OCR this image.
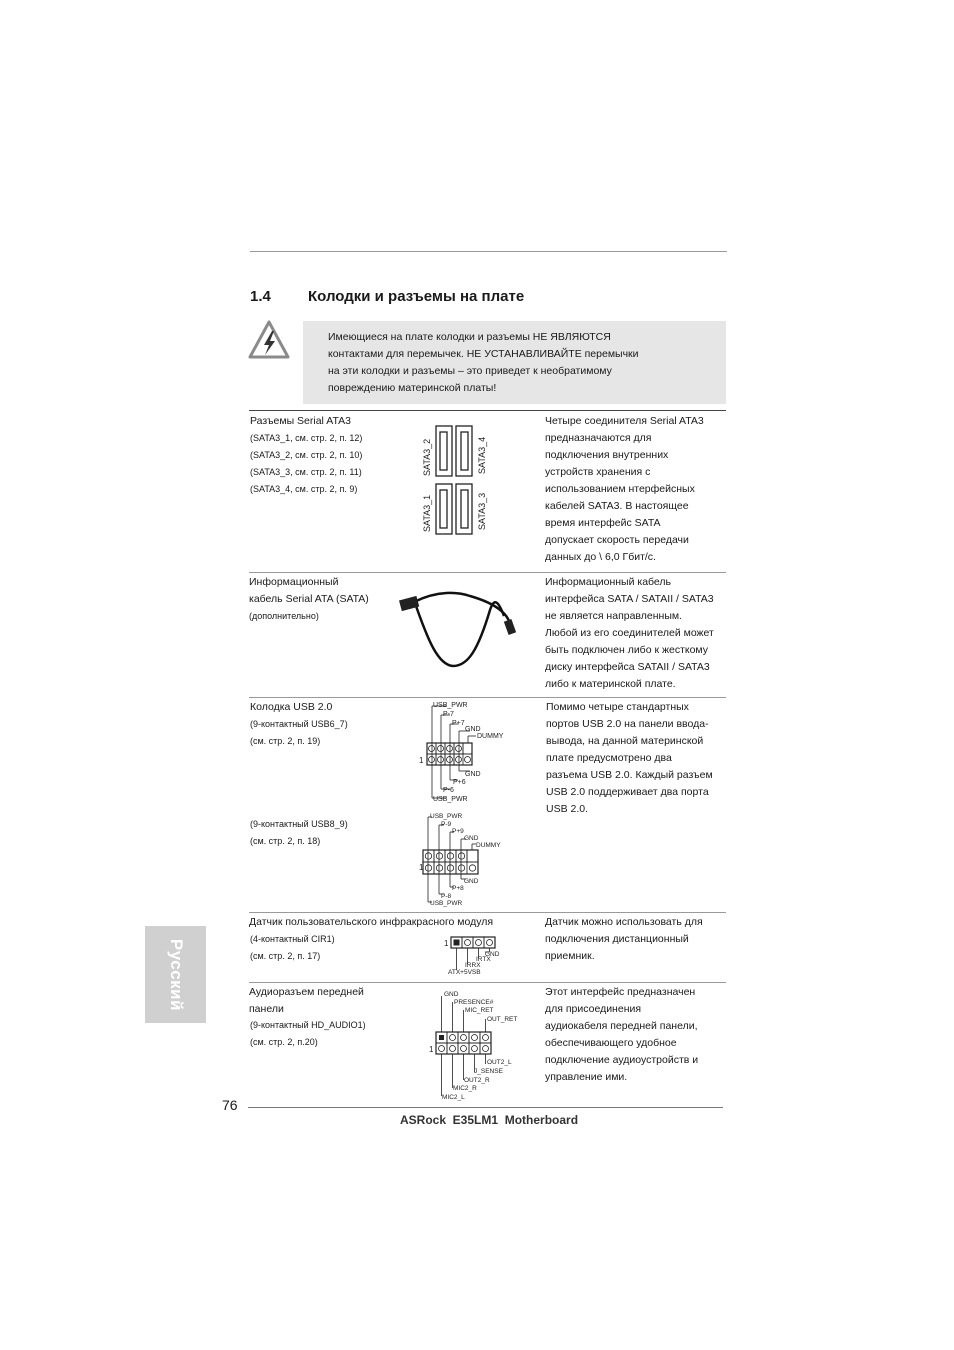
1.4 Колодки и разъемы на плате
Имеющиеся на плате колодки и разъемы НЕ ЯВЛЯЮТСЯ
контактами для перемычек. НЕ УСТАНАВЛИВАЙТЕ перемычки
на эти колодки и разъемы – это приведет к необратимому
повреждению материнской платы!
Разъемы Serial ATA3
(SATA3_1, см. стр. 2, п. 12)
(SATA3_2, см. стр. 2, п. 10)
(SATA3_3, см. стр. 2, п. 11)
(SATA3_4, см. стр. 2, п. 9)
SATA3_2	SATA3_4
SATA3_1	SATA3_3
Четыре соединителя Serial ATA3
предназначаются для
подключения внутренних
устройств хранения с
использованием нтерфейсных
кабелей SATA3. В настоящее
время интерфейс SATA
допускает скорость передачи
данных до \ 6,0 Гбит/с.
Информационный
кабель Serial ATA (SATA)
(дополнительно)
Информационный кабель
интерфейса SATA / SATAII / SATA3
не является направленным.
Любой из его соединителей может
быть подключен либо к жесткому
диску интерфейса SATAII / SATA3
либо к материнской плате.
Колодка USB 2.0
(9-контактный USB6_7)
(см. стр. 2, п. 19)
(9-контактный USB8_9)
(см. стр. 2, п. 18)
USB_PWR
P-7
P+7
GND
DUMMY
1
GND
P+6
P-6
USB_PWR
USB_PWR
P-9
P+9
GND
DUMMY
1
GND
P+8
P-8
USB_PWR
Помимо четыре стандартных
портов USB 2.0 на панели ввода-
вывода, на данной материнской
плате предусмотрено два
разъема USB 2.0. Каждый разъем
USB 2.0 поддерживает два порта
USB 2.0.
Датчик пользовательского инфракрасного модуля
(4-контактный CIR1)
(см. стр. 2, п. 17)
1
GND
IRTX
IRRX
ATX+5VSB
Датчик можно использовать для
подключения дистанционный
приемник.
Аудиоразъем передней
панели
(9-контактный HD_AUDIO1)
(см. стр. 2, п.20)
GND
PRESENCE#
MIC_RET
OUT_RET
1
OUT2_L
J_SENSE
OUT2_R
MIC2_R
MIC2_L
Этот интерфейс предназначен
для присоединения
аудиокабеля передней панели,
обеспечивающего удобное
подключение аудиоустройств и
управление ими.
Русский
76
ASRock  E35LM1  Motherboard
